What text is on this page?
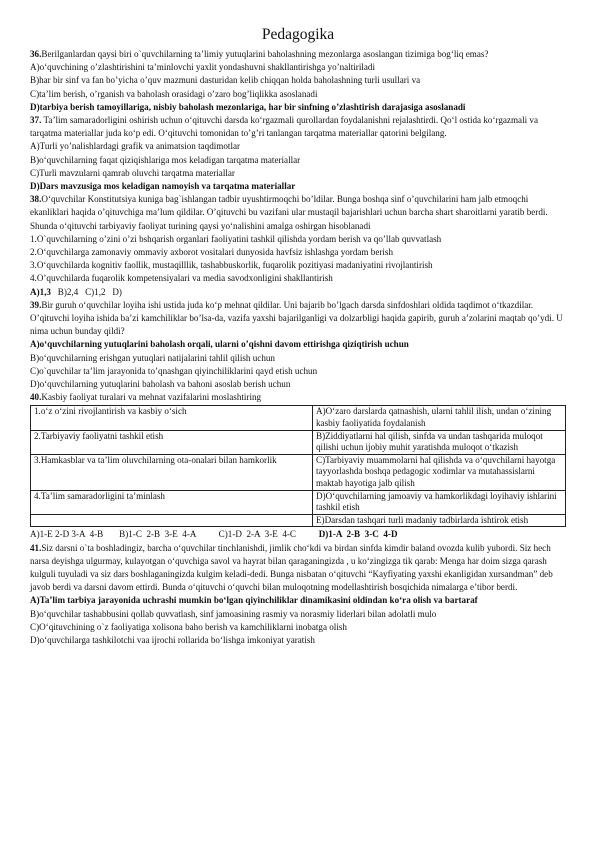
Pedagogika

36.Berilganlardan qaysi biri o`quvchilarning ta’limiy yutuqlarini baholashning mezonlarga asoslangan tizimiga bog‘liq emas?

A)o‘quvchining o’zlashtirishini ta’minlovchi yaxlit yondashuvni shakllantirishga yo’naltiriladi

B)har bir sinf va fan bo’yicha o’quv mazmuni dasturidan kelib chiqqan holda baholashning turli usullari va

C)ta’lim berish, o’rganish va baholash orasidagi o’zaro bog’liqlikka asoslanadi

D)tarbiya berish tamoyillariga, nisbiy baholash mezonlariga, har bir sinfning o’zlashtirish darajasiga asoslanadi

37. Ta’lim samaradorligini oshirish uchun o‘qituvchi darsda ko‘rgazmali qurollardan foydalanishni rejalashtirdi. Qo‘l ostida ko‘rgazmali va tarqatma materiallar juda ko‘p edi. O‘qituvchi tomonidan to’g’ri tanlangan tarqatma materiallar qatorini belgilang.

A)Turli yo’nalishlardagi grafik va animatsion taqdimotlar

B)o‘quvchilarning faqat qiziqishlariga mos keladigan tarqatma materiallar

C)Turli mavzularni qamrab oluvchi tarqatma materiallar

D)Dars mavzusiga mos keladigan namoyish va tarqatma materiallar

38.O‘quvchilar Konstitutsiya kuniga bag`ishlangan tadbir uyushtirmoqchi bo’ldilar. Bunga boshqa sinf o’quvchilarini ham jalb etmoqchi ekanliklari haqida o’qituvchiga ma’lum qildilar. O’qituvchi bu vazifani ular mustaqil bajarishlari uchun barcha shart sharoitlarni yaratib berdi. Shunda o‘qituvchi tarbiyaviy faoliyat turining qaysi yo‘nalishini amalga oshirgan hisoblanadi

1.O`quvchilarning o’zini o’zi bshqarish organlari faoliyatini tashkil qilishda yordam berish va qo’llab quvvatlash

2.O‘quvchilarga zamonaviy ommaviy axborot vositalari dunyosida havfsiz ishlashga yordam berish

3.O‘quvchilarda kognitiv faollik, mustaqilllik, tashabbuskorlik, fuqarolik pozitiyasi madaniyatini rivojlantirish

4.O’quvchilarda fuqarolik kompetensiyalari va media savodxonligini shakllantirish

A)1,3   B)2,4   C)1,2   D)

39.Bir guruh o‘quvchilar loyiha ishi ustida juda ko‘p mehnat qildilar. Uni bajarib bo’lgach darsda sinfdoshlari oldida taqdimot o‘tkazdilar. O’qituvchi loyiha ishida ba’zi kamchiliklar bo’lsa-da, vazifa yaxshi bajarilganligi va dolzarbligi haqida gapirib, guruh a’zolarini maqtab qo’ydi. U nima uchun bunday qildi?

A)o‘quvchilarning yutuqlarini baholash orqali, ularni o’qishni davom ettirishga qiziqtirish uchun

B)o‘quvchilarning erishgan yutuqlari natijalarini tahlil qilish uchun

C)o`quvchilar ta’lim jarayonida to’qnashgan qiyinchiliklarini qayd etish uchun

D)o‘quvchilarning yutuqlarini baholash va bahoni asoslab berish uchun

40.Kasbiy faoliyat turalari va mehnat vazifalarini moslashtiring

1.o‘z o‘zini rivojlantirish va kasbiy o‘sich	A)O‘zaro darslarda qatnashish, ularni tahlil ilish, undan o‘zining kasbiy faoliyatida foydalanish
2.Tarbiyaviy faoliyatni tashkil etish	B)Ziddiyatlarni hal qilish, sinfda va undan tashqarida muloqot qilishi uchun ijobiy muhit yaratishda muloqot o‘tkazish
3.Hamkasblar va ta’lim oluvchilarning ota-onalari bilan hamkorlik	C)Tarbiyaviy muammolarni hal qilishda va o‘quvchilarni hayotga tayyorlashda boshqa pedagogic xodimlar va mutahassislarni maktab hayotiga jalb qilish
4.Ta’lim samaradorligini ta’minlash	D)O‘quvchilarning jamoaviy va hamkorlikdagi loyihaviy ishlarini tashkil etish
	E)Darsdan tashqari turli madaniy tadbirlarda ishtirok etish

A)1-E 2-D 3-A  4-B       B)1-C  2-B  3-E  4-A          C)1-D  2-A  3-E  4-C          D)1-A  2-B  3-C  4-D

41.Siz darsni o`ta boshladingiz, barcha o‘quvchilar tinchlanishdi, jimlik cho‘kdi va birdan sinfda kimdir baland ovozda kulib yubordi. Siz hech narsa deyishga ulgurmay, kulayotgan o‘quvchiga savol va hayrat bilan qaraganingizda , u ko‘zingizga tik qarab: Menga har doim sizga qarash kulguli tuyuladi va siz dars boshlaganingizda kulgim keladi-dedi. Bunga nisbatan o‘qituvchi “Kayfiyating yaxshi ekanligidan xursandman” deb javob berdi va darsni davom ettirdi. Bunda o‘qituvchi o‘quvchi bilan muloqotning modellashtirish bosqichida nimalarga e’tibor berdi.

A)Ta’lim tarbiya jarayonida uchrashi mumkin bo‘lgan qiyinchiliklar dinamikasini oldindan ko‘ra olish va bartaraf

B)o‘quvchilar tashabbusini qollab quvvatlash, sinf jamoasining rasmiy va norasmiy liderlari bilan adolatli mulo

C)O‘qituvchining o`z faoliyatiga xolisona baho berish va kamchiliklarni inobatga olish

D)o‘quvchilarga tashkilotchi vaa ijrochi rollarida bo‘lishga imkoniyat yaratish
